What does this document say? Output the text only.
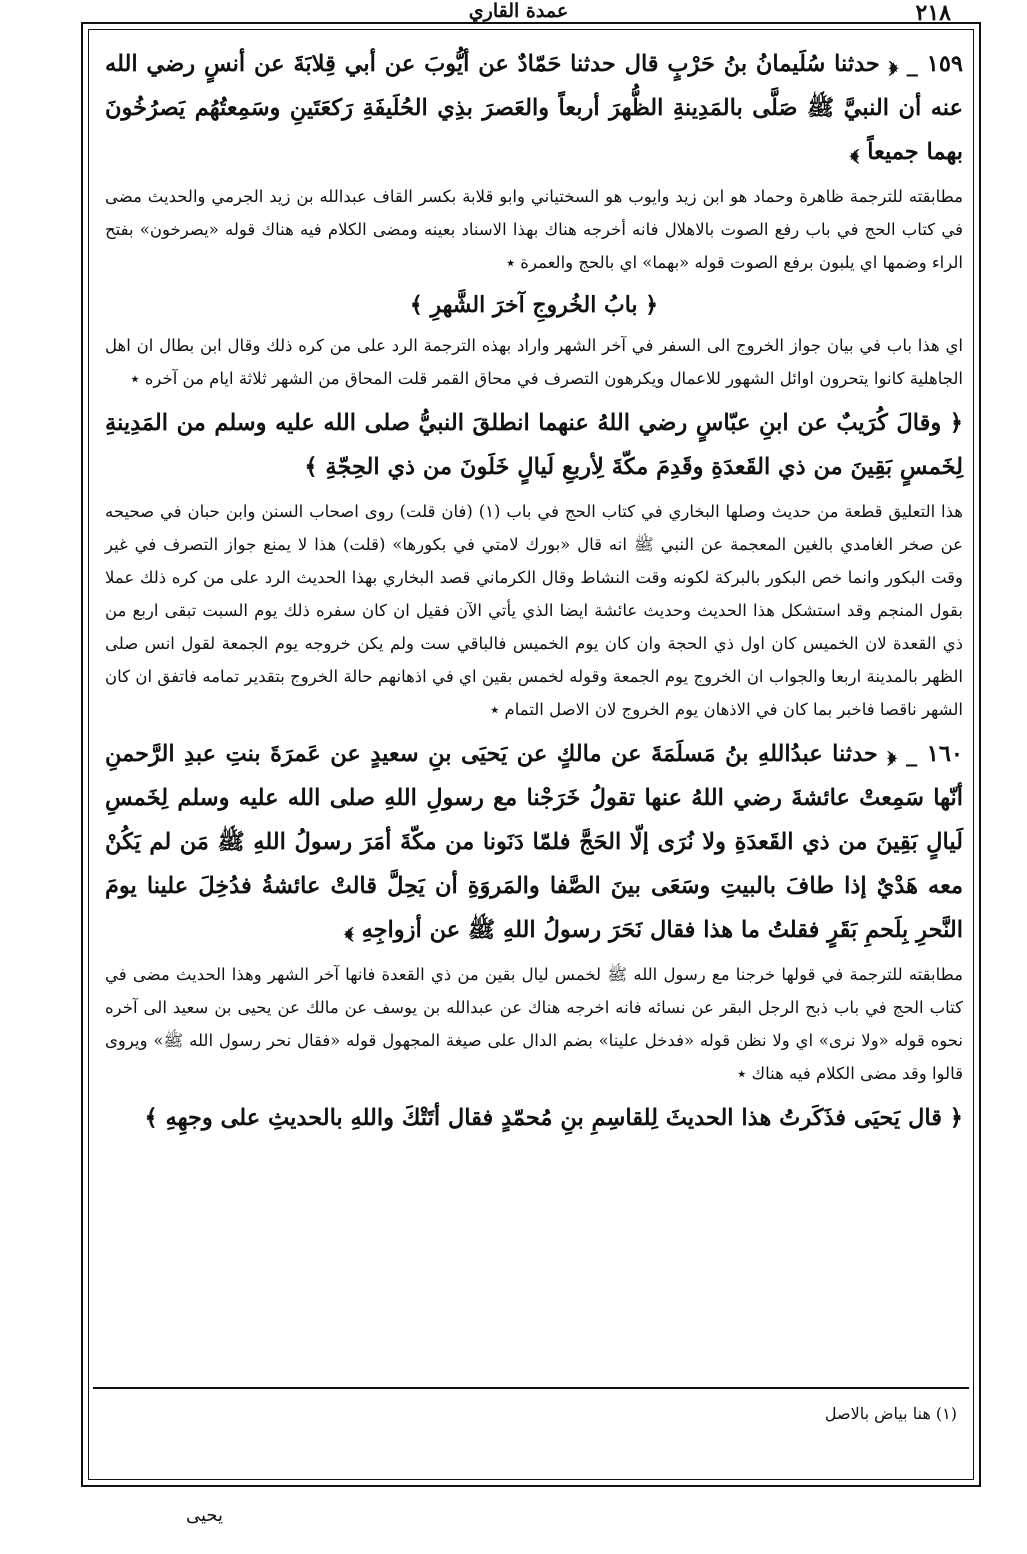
٢١٨
عمدة القاري

١٥٩ _ ﴿ حدثنا سُلَيمانُ بنُ حَرْبٍ قال حدثنا حَمّادٌ عن أيُّوبَ عن أبي قِلابَةَ عن أنسٍ رضي الله عنه أن النبيَّ ﷺ صَلَّى بالمَدِينةِ الظُّهرَ أربعاً والعَصرَ بذِي الحُلَيفَةِ رَكعَتَينِ وسَمِعتُهُم يَصرُخُونَ بهما جميعاً ﴾

مطابقته للترجمة ظاهرة وحماد هو ابن زيد وايوب هو السختياني وابو قلابة بكسر القاف عبدالله بن زيد الجرمي والحديث مضى في كتاب الحج في باب رفع الصوت بالاهلال فانه أخرجه هناك بهذا الاسناد بعينه ومضى الكلام فيه هناك قوله «يصرخون» بفتح الراء وضمها اي يلبون برفع الصوت قوله «بهما» اي بالحج والعمرة ٭

﴿ بابُ الخُروجِ آخرَ الشَّهرِ ﴾

اي هذا باب في بيان جواز الخروج الى السفر في آخر الشهر واراد بهذه الترجمة الرد على من كره ذلك وقال ابن بطال ان اهل الجاهلية كانوا يتحرون اوائل الشهور للاعمال ويكرهون التصرف في محاق القمر قلت المحاق من الشهر ثلاثة ايام من آخره ٭

﴿ وقالَ كُرَيبٌ عن ابنِ عبّاسٍ رضي اللهُ عنهما انطلقَ النبيُّ صلى الله عليه وسلم من المَدِينةِ لِخَمسٍ بَقِينَ من ذي القَعدَةِ وقَدِمَ مكّةَ لِأربعِ لَيالٍ خَلَونَ من ذي الحِجّةِ ﴾

هذا التعليق قطعة من حديث وصلها البخاري في كتاب الحج في باب (١) (فان قلت) روى اصحاب السنن وابن حبان في صحيحه عن صخر الغامدي بالغين المعجمة عن النبي ﷺ انه قال «بورك لامتي في بكورها» (قلت) هذا لا يمنع جواز التصرف في غير وقت البكور وانما خص البكور بالبركة لكونه وقت النشاط وقال الكرماني قصد البخاري بهذا الحديث الرد على من كره ذلك عملا بقول المنجم وقد استشكل هذا الحديث وحديث عائشة ايضا الذي يأتي الآن فقيل ان كان سفره ذلك يوم السبت تبقى اربع من ذي القعدة لان الخميس كان اول ذي الحجة وان كان يوم الخميس فالباقي ست ولم يكن خروجه يوم الجمعة لقول انس صلى الظهر بالمدينة اربعا والجواب ان الخروج يوم الجمعة وقوله لخمس بقين اي في اذهانهم حالة الخروج بتقدير تمامه فاتفق ان كان الشهر ناقصا فاخبر بما كان في الاذهان يوم الخروج لان الاصل التمام ٭

١٦٠ _ ﴿ حدثنا عبدُاللهِ بنُ مَسلَمَةَ عن مالكٍ عن يَحيَى بنِ سعيدٍ عن عَمرَةَ بنتِ عبدِ الرَّحمنِ أنّها سَمِعتْ عائشةَ رضي اللهُ عنها تقولُ خَرَجْنا مع رسولِ اللهِ صلى الله عليه وسلم لِخَمسِ لَيالٍ بَقِينَ من ذي القَعدَةِ ولا نُرَى إلّا الحَجَّ فلمّا دَنَونا من مكّةَ أمَرَ رسولُ اللهِ ﷺ مَن لم يَكُنْ معه هَدْيٌ إذا طافَ بالبيتِ وسَعَى بينَ الصَّفا والمَروَةِ أن يَحِلَّ قالتْ عائشةُ فدُخِلَ علينا يومَ النَّحرِ بِلَحمِ بَقَرٍ فقلتُ ما هذا فقال نَحَرَ رسولُ اللهِ ﷺ عن أزواجِهِ ﴾

مطابقته للترجمة في قولها خرجنا مع رسول الله ﷺ لخمس ليال بقين من ذي القعدة فانها آخر الشهر وهذا الحديث مضى في كتاب الحج في باب ذبح الرجل البقر عن نسائه فانه اخرجه هناك عن عبدالله بن يوسف عن مالك عن يحيى بن سعيد الى آخره نحوه قوله «ولا نرى» اي ولا نظن قوله «فدخل علينا» بضم الدال على صيغة المجهول قوله «فقال نحر رسول الله ﷺ» ويروى قالوا وقد مضى الكلام فيه هناك ٭

﴿ قال يَحيَى فذَكَرتُ هذا الحديثَ لِلقاسِمِ بنِ مُحمّدٍ فقال أتَتْكَ واللهِ بالحديثِ على وجهِهِ ﴾

(١) هنا بياض بالاصل
يحيى
